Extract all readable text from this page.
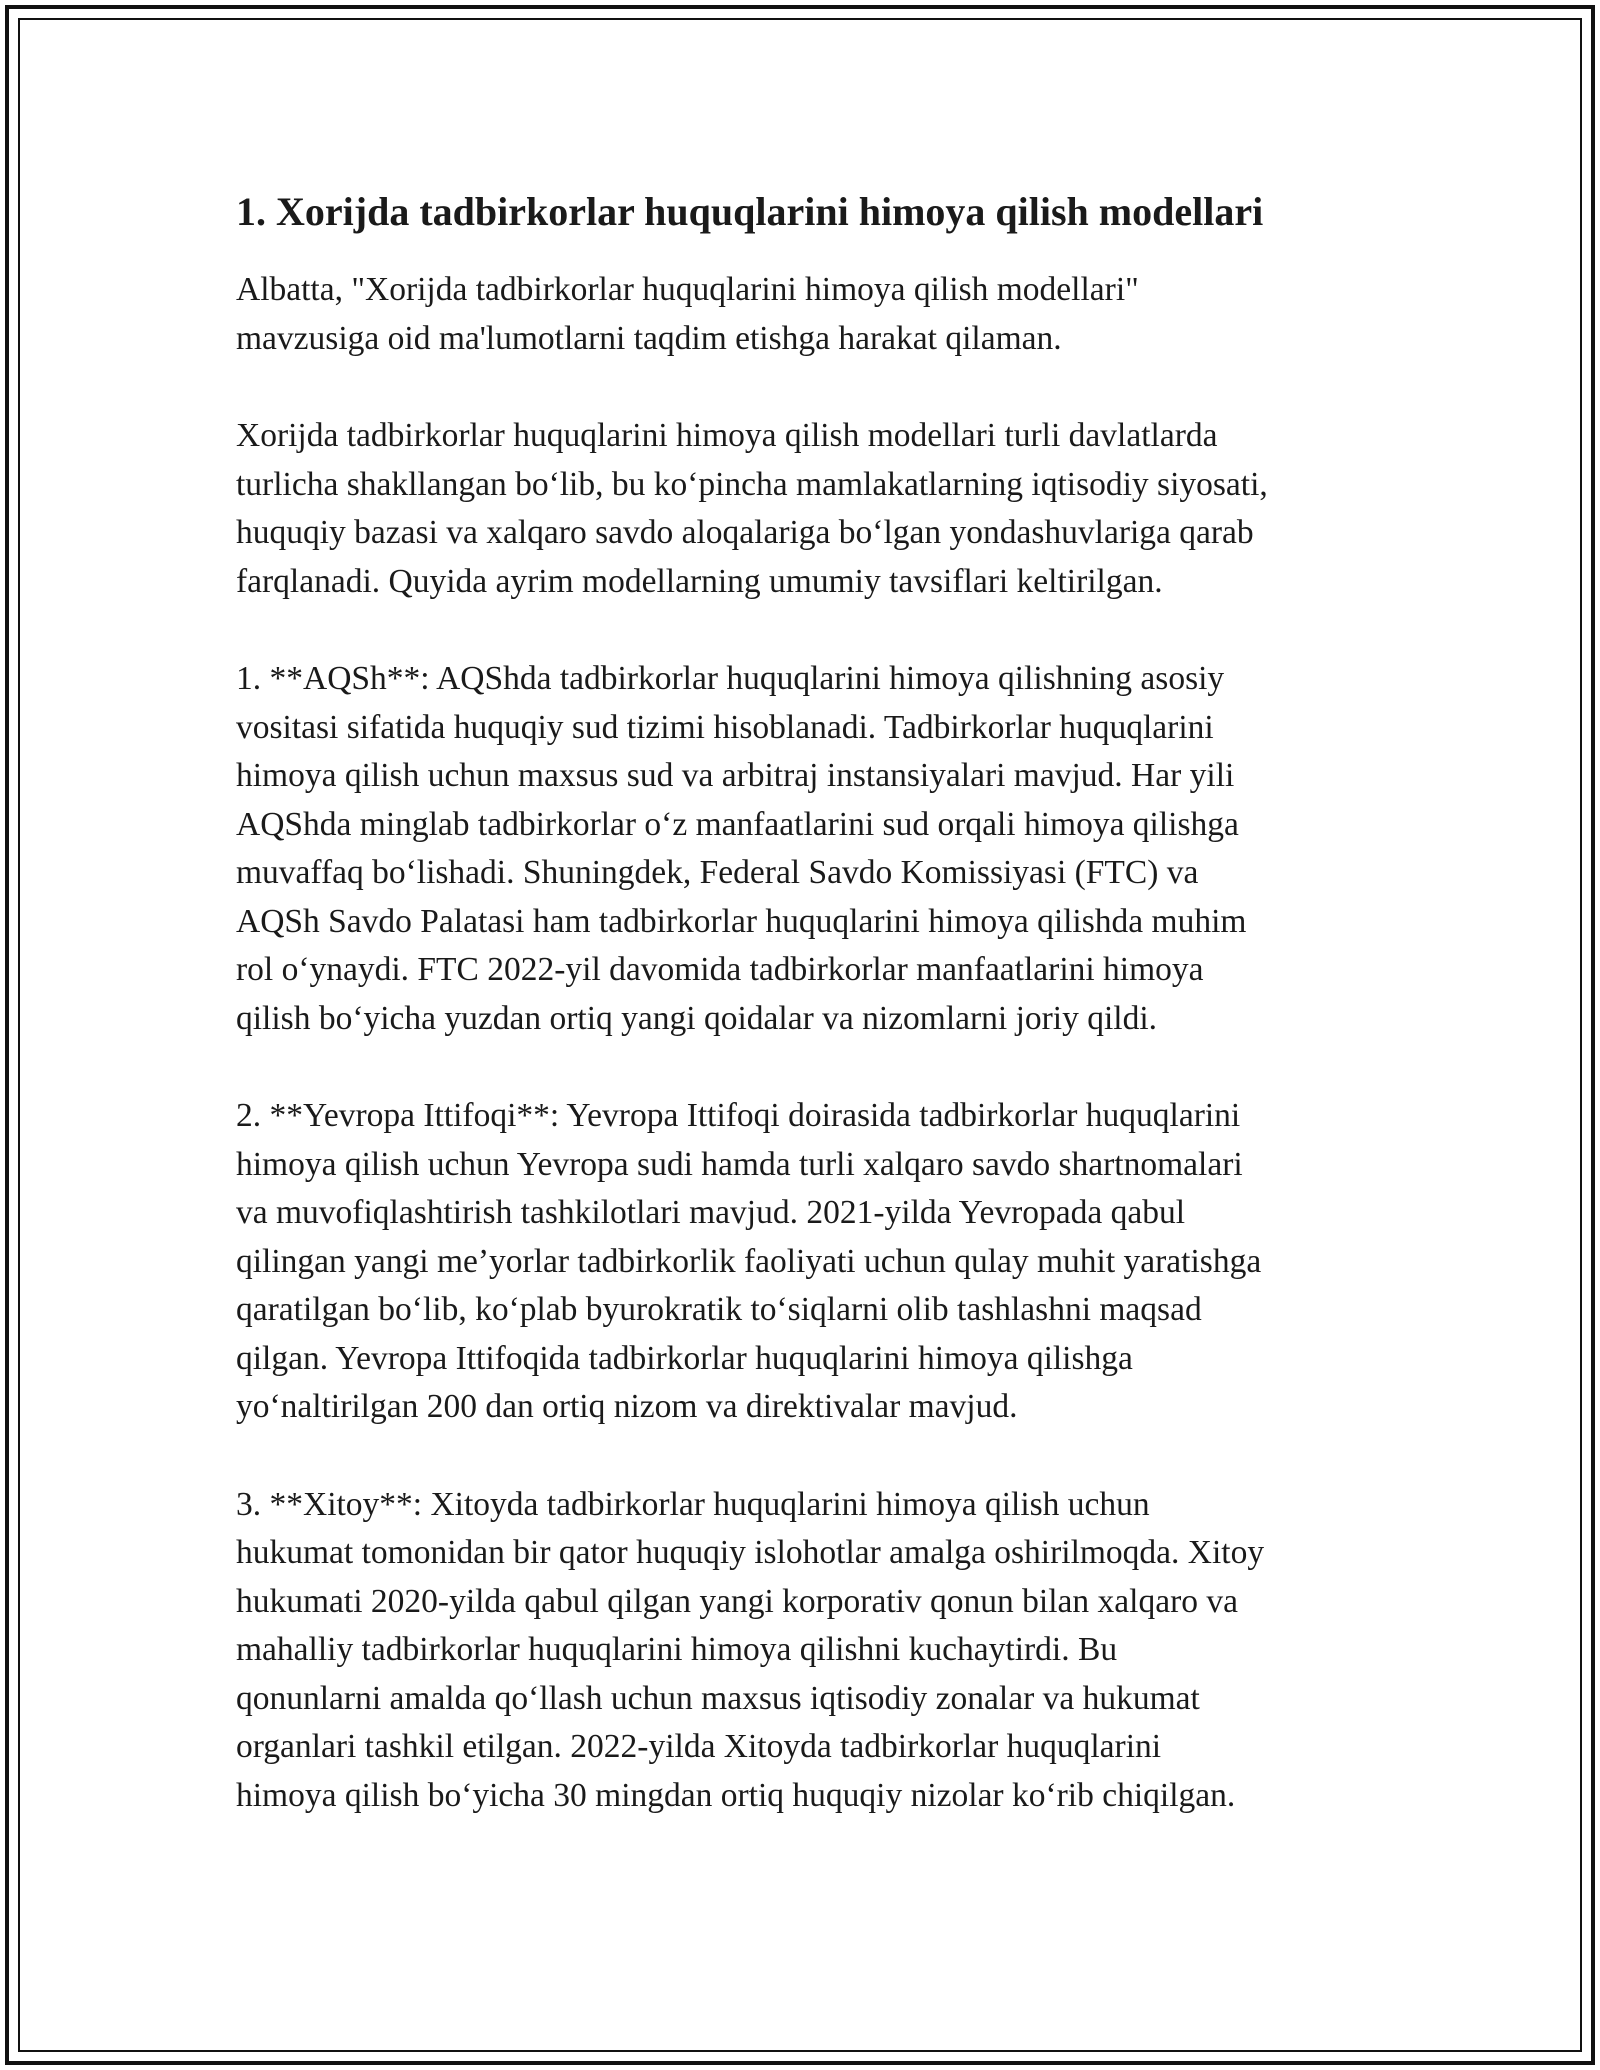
1. Xorijda tadbirkorlar huquqlarini himoya qilish modellari

Albatta, "Xorijda tadbirkorlar huquqlarini himoya qilish modellari"
mavzusiga oid ma'lumotlarni taqdim etishga harakat qilaman.

Xorijda tadbirkorlar huquqlarini himoya qilish modellari turli davlatlarda
turlicha shakllangan bo‘lib, bu ko‘pincha mamlakatlarning iqtisodiy siyosati,
huquqiy bazasi va xalqaro savdo aloqalariga bo‘lgan yondashuvlariga qarab
farqlanadi. Quyida ayrim modellarning umumiy tavsiflari keltirilgan.

1. **AQSh**: AQShda tadbirkorlar huquqlarini himoya qilishning asosiy
vositasi sifatida huquqiy sud tizimi hisoblanadi. Tadbirkorlar huquqlarini
himoya qilish uchun maxsus sud va arbitraj instansiyalari mavjud. Har yili
AQShda minglab tadbirkorlar o‘z manfaatlarini sud orqali himoya qilishga
muvaffaq bo‘lishadi. Shuningdek, Federal Savdo Komissiyasi (FTC) va
AQSh Savdo Palatasi ham tadbirkorlar huquqlarini himoya qilishda muhim
rol o‘ynaydi. FTC 2022-yil davomida tadbirkorlar manfaatlarini himoya
qilish bo‘yicha yuzdan ortiq yangi qoidalar va nizomlarni joriy qildi.

2. **Yevropa Ittifoqi**: Yevropa Ittifoqi doirasida tadbirkorlar huquqlarini
himoya qilish uchun Yevropa sudi hamda turli xalqaro savdo shartnomalari
va muvofiqlashtirish tashkilotlari mavjud. 2021-yilda Yevropada qabul
qilingan yangi me’yorlar tadbirkorlik faoliyati uchun qulay muhit yaratishga
qaratilgan bo‘lib, ko‘plab byurokratik to‘siqlarni olib tashlashni maqsad
qilgan. Yevropa Ittifoqida tadbirkorlar huquqlarini himoya qilishga
yo‘naltirilgan 200 dan ortiq nizom va direktivalar mavjud.

3. **Xitoy**: Xitoyda tadbirkorlar huquqlarini himoya qilish uchun
hukumat tomonidan bir qator huquqiy islohotlar amalga oshirilmoqda. Xitoy
hukumati 2020-yilda qabul qilgan yangi korporativ qonun bilan xalqaro va
mahalliy tadbirkorlar huquqlarini himoya qilishni kuchaytirdi. Bu
qonunlarni amalda qo‘llash uchun maxsus iqtisodiy zonalar va hukumat
organlari tashkil etilgan. 2022-yilda Xitoyda tadbirkorlar huquqlarini
himoya qilish bo‘yicha 30 mingdan ortiq huquqiy nizolar ko‘rib chiqilgan.
